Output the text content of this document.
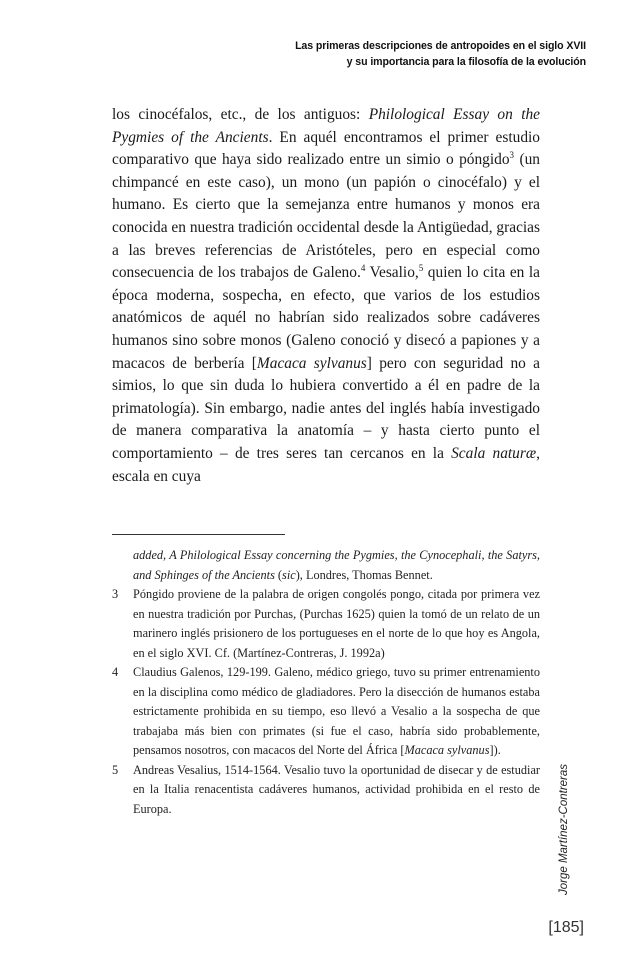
Las primeras descripciones de antropoides en el siglo XVII
y su importancia para la filosofía de la evolución

los cinocéfalos, etc., de los antiguos: Philological Essay on the Pygmies of the Ancients. En aquél encontramos el primer estudio comparativo que haya sido realizado entre un simio o póngido$^3$ (un chimpancé en este caso), un mono (un papión o cinocéfalo) y el humano. Es cierto que la semejanza entre humanos y monos era conocida en nuestra tradición occidental desde la Antigüedad, gracias a las breves referencias de Aristóteles, pero en especial como consecuencia de los trabajos de Galeno.$^4$ Vesalio,$^5$ quien lo cita en la época moderna, sospecha, en efecto, que varios de los estudios anatómicos de aquél no habrían sido realizados sobre cadáveres humanos sino sobre monos (Galeno conoció y disecó a papiones y a macacos de berbería [Macaca sylvanus] pero con seguridad no a simios, lo que sin duda lo hubiera convertido a él en padre de la primatología). Sin embargo, nadie antes del inglés había investigado de manera comparativa la anatomía – y hasta cierto punto el comportamiento – de tres seres tan cercanos en la Scala naturæ, escala en cuya

added, A Philological Essay concerning the Pygmies, the Cynocephali, the Satyrs, and Sphinges of the Ancients (sic), Londres, Thomas Bennet.
3	Póngido proviene de la palabra de origen congolés pongo, citada por primera vez en nuestra tradición por Purchas, (Purchas 1625) quien la tomó de un relato de un marinero inglés prisionero de los portugueses en el norte de lo que hoy es Angola, en el siglo XVI. Cf. (Martínez-Contreras, J. 1992a)
4	Claudius Galenos, 129-199. Galeno, médico griego, tuvo su primer entrenamiento en la disciplina como médico de gladiadores. Pero la disección de humanos estaba estrictamente prohibida en su tiempo, eso llevó a Vesalio a la sospecha de que trabajaba más bien con primates (si fue el caso, habría sido probablemente, pensamos nosotros, con macacos del Norte del África [Macaca sylvanus]).
5	Andreas Vesalius, 1514-1564. Vesalio tuvo la oportunidad de disecar y de estudiar en la Italia renacentista cadáveres humanos, actividad prohibida en el resto de Europa.	Jorge Martínez-Contreras
[185]
